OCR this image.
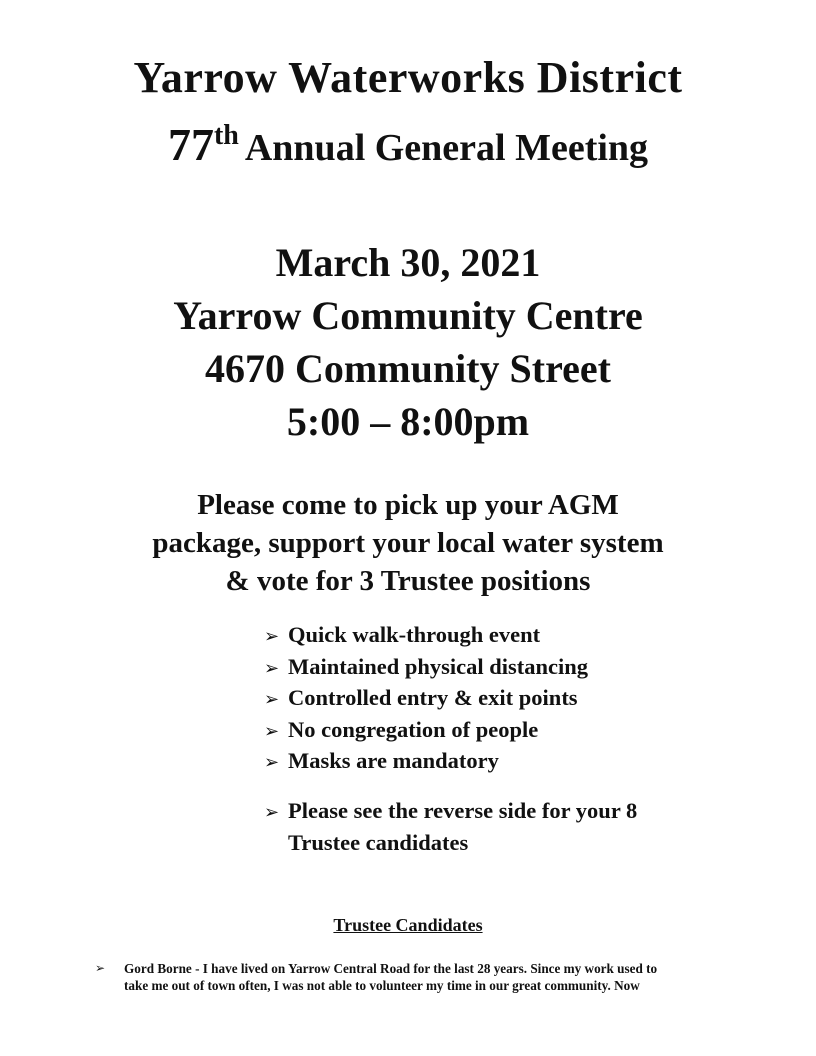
Yarrow Waterworks District
77th Annual General Meeting
March 30, 2021
Yarrow Community Centre
4670 Community Street
5:00 – 8:00pm
Please come to pick up your AGM
package, support your local water system
& vote for 3 Trustee positions
➢ Quick walk-through event
➢ Maintained physical distancing
➢ Controlled entry & exit points
➢ No congregation of people
➢ Masks are mandatory
➢ Please see the reverse side for your 8
Trustee candidates
Trustee Candidates
➢	Gord Borne - I have lived on Yarrow Central Road for the last 28 years. Since my work used to
take me out of town often, I was not able to volunteer my time in our great community. Now
